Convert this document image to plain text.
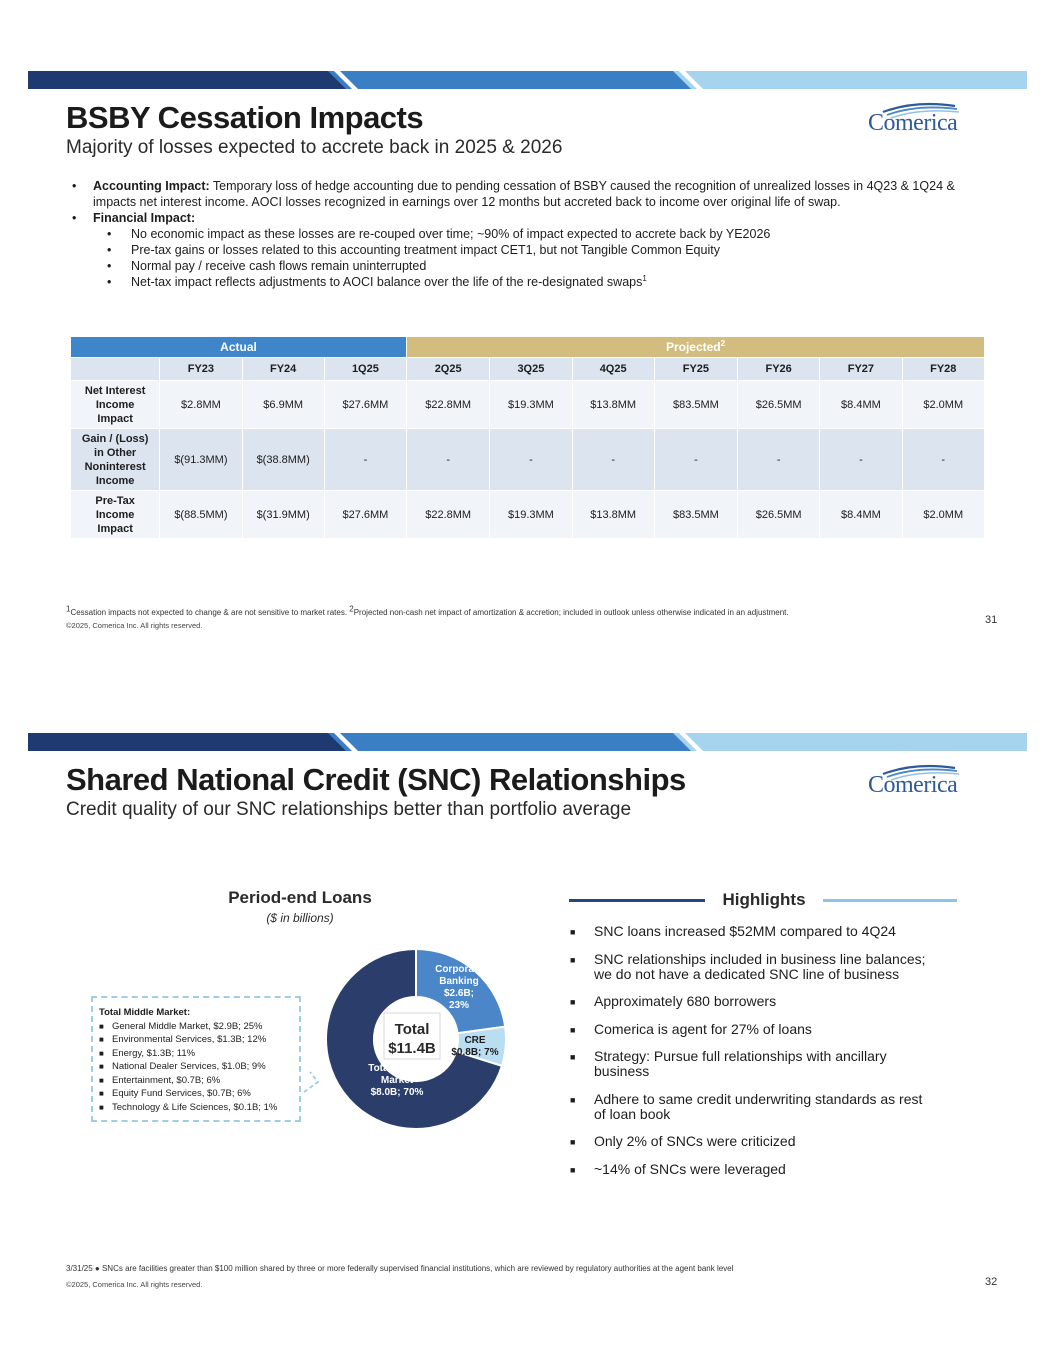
BSBY Cessation Impacts
Majority of losses expected to accrete back in 2025 & 2026
Comerica
• Accounting Impact: Temporary loss of hedge accounting due to pending cessation of BSBY caused the recognition of unrealized losses in 4Q23 & 1Q24 & impacts net interest income. AOCI losses recognized in earnings over 12 months but accreted back to income over original life of swap.
• Financial Impact:
• No economic impact as these losses are re-couped over time; ~90% of impact expected to accrete back by YE2026
• Pre-tax gains or losses related to this accounting treatment impact CET1, but not Tangible Common Equity
• Normal pay / receive cash flows remain uninterrupted
• Net-tax impact reflects adjustments to AOCI balance over the life of the re-designated swaps$^1$
Actual				Projected$^2$
	FY23	FY24	1Q25	2Q25	3Q25	4Q25	FY25	FY26	FY27	FY28

Net Interest
Income
Impact	$2.8MM	$6.9MM	$27.6MM	$22.8MM	$19.3MM	$13.8MM	$83.5MM	$26.5MM	$8.4MM	$2.0MM

Gain / (Loss)
in Other
Noninterest
Income	$(91.3MM)	$(38.8MM)	-	-	-	-	-	-	-	-

Pre-Tax
Income
Impact	$(88.5MM)	$(31.9MM)	$27.6MM	$22.8MM	$19.3MM	$13.8MM	$83.5MM	$26.5MM	$8.4MM	$2.0MM
$^1$Cessation impacts not expected to change & are not sensitive to market rates. $^2$Projected non-cash net impact of amortization & accretion; included in outlook unless otherwise indicated in an adjustment.
©2025, Comerica Inc. All rights reserved.	31
Shared National Credit (SNC) Relationships
Credit quality of our SNC relationships better than portfolio average
Comerica
Period-end Loans
($ in billions)
Total
$11.4B
Corporate Banking $2.6B; 23%
CRE $0.8B; 7%
Total Middle Market $8.0B; 70%
Total Middle Market:
■ General Middle Market, $2.9B; 25%
■ Environmental Services, $1.3B; 12%
■ Energy, $1.3B; 11%
■ National Dealer Services, $1.0B; 9%
■ Entertainment, $0.7B; 6%
■ Equity Fund Services, $0.7B; 6%
■ Technology & Life Sciences, $0.1B; 1%
Highlights
■ SNC loans increased $52MM compared to 4Q24
■ SNC relationships included in business line balances;
we do not have a dedicated SNC line of business
■ Approximately 680 borrowers
■ Comerica is agent for 27% of loans
■ Strategy: Pursue full relationships with ancillary
business
■ Adhere to same credit underwriting standards as rest
of loan book
■ Only 2% of SNCs were criticized
■ ~14% of SNCs were leveraged
3/31/25 ● SNCs are facilities greater than $100 million shared by three or more federally supervised financial institutions, which are reviewed by regulatory authorities at the agent bank level
©2025, Comerica Inc. All rights reserved.	32
